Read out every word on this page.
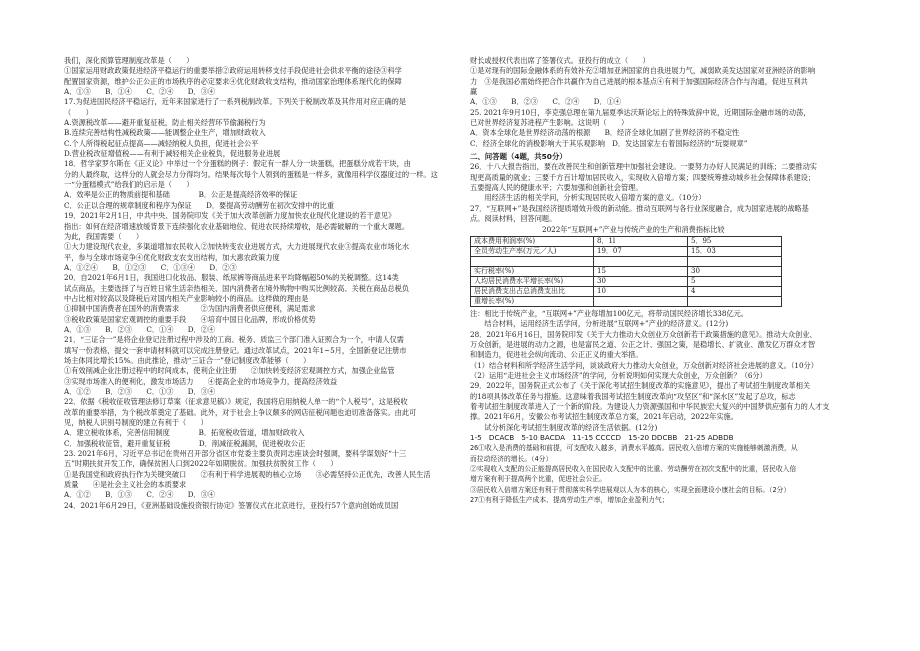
我们，深化预算管理制度改革是（　　）

①国家运用财政政策促进经济平稳运行的重要举措②政府运用转移支付手段促进社会供求平衡的途径③科学

配置国家资源，维护公正公正的市场秩序的必定要求④优化财政收支结构，推动国家治理体系现代化的保障

A．①③　　B．①④　　C．②④　　D．③④

17.为促进国民经济平稳运行，近年来国家进行了一系列税制改革。下列关于税制改革及其作用对应正确的是

（　　）

A.资源税改革——避开重复征税，防止相关经营环节偷漏税行为

B.连续完善结构性减税政策——能调整企业生产，增加财政收入

C.个人所得税起征点提高——减轻纳税人负担，促进社会公平

D.营业税改征增值税——有利于减轻相关企业税负，促进服务业进展

18．哲学家罗尔斯在《正义论》中举过一个分蛋糕的例子：假定有一群人分一块蛋糕，把蛋糕分成若干块，由

分的人最终取，这样分的人就会尽力分得均匀。结果每次每个人领到的蛋糕是一样多，就像用科学仪器度过的一样。这

一“分蛋糕模式”给我们的启示是（　　）

A．效率是公正的物质前提和基础　　　　B．公正是提高经济效率的保证

C．公正以合理的规章制度和程序为保证　　D．要提高劳动酬劳在初次安排中的比重

19．2021年2月1日，中共中央、国务院印发《关于加大改革创新力度加快农业现代化建设的若干意见》

指出：如何在经济增速放缓背景下连续强化农业基础地位、促进农民持续增收，是必需破解的一个重大课题。

为此，我国需要（　　）

①大力建设现代农业，多渠道增加农民收入②加快转变农业进展方式，大力进展现代农业③提高农业市场化水

平，参与全球市场竞争④优化财政支农支出结构，加大惠农政策力度

A．①②④　　B．①②③　　C．①③④　　D．②③

20．自2021年6月1日，我国进口化妆品、服装、纸尿裤等商品进来平均降幅超50%的关税调整。这14类

试点商品，主要选择了与百姓日常生活亲热相关、国内消费者在境外购物中购买比例较高、关税在商品总税负

中占比相对较高以及降税后对国内相关产业影响较小的商品。这样做的理由是

①抑制中国消费者在国外的消费需求　　　②为国内消费者供应便利，满足需求

③税收政策是国家宏观调控的重要手段　　④培育中国日化品牌，形成价格优势

A．①③　　B．②③　　C．①④　　D．②④

21．“三证合一”是将企业登记注册过程中涉及的工商、税务、质监三个部门准入证照合为一个，中请人仅需

填写一份表格，提交一套申请材料就可以完成注册登记。通过改革试点，2021年1~5月，全国新登记注册市

场主体同比增长15%。由此推论，推动“三证合一”登记制度改革能够（　　）

①有效削减企业注册过程中的时间成本，使利企业注册　　②加快转变经济宏观调控方式，加强企业监管

③实现市场准入的便利化，激发市场活力　　④提高企业的市场竞争力，提高经济效益

A．①②　　B．②③　　C．①③　　D．③④

22．依据《税收征收管理法修订草案（征求意见稿）》规定，我国将启用纳税人单一的“个人税号”，这是税收

改革的重要举措，为个税改革奠定了基础。此外，对于社会上争议颇多的网店征税问题也迫切准备落实。由此可

见，纳税人识别号制度的建立有利于（　　）

A．建立税收体系，完善信用制度　　　　B．拓宽税收管道，增加财政收入

C．加强税收征管，避开重复征税　　　　D．削减征税漏洞，促进税收公正

23. 2021年6月，习近平总书记在贵州召开部分省区市党委主要负责同志座谈会时强调，要科学谋划好“十三

五”时期扶贫开发工作，确保贫困人口到2022年如期脱贫。加强扶贫脱贫工作（　　）

①是我国党和政府执行作为关键突破口　　②有利于科学进展观的核心立场　　③必需坚持公正优先，改善人民生活

质量　　④是社会主义社会的本质要求

A．①②　　B．①③　　C．②④　　D．③④

24．2021年6月29日，《亚洲基础设施投资银行协定》签署仪式在北京进行，亚投行57个意向创始成员国

财长或授权代表出席了签署仪式。亚投行的成立（　　）

①是对现有的国际金融体系的有效补充②增加亚洲国家的自我进展力气，减弱欧美发达国家对亚洲经济的影响

力　③是我国必需始终把合作共赢作为自己进展的根本基点④有利于加强国际经济合作与沟通，促进互利共

赢

A．①③　　B．②③　　C．②④　　D．①④

25. 2021年9月10日，李克强总理在第九届夏季达沃斯论坛上的特殊致辞中说，近期国际金融市场的动荡，

已对世界经济复苏进程产生影响。这说明（　　）

A．资本全球化是世界经济动荡的根源　　B．经济全球化加剧了世界经济的不稳定性

C．经济全球化的消极影响大于其乐观影响　D．发达国家左右着国际经济的“玩耍规章”

二、问答题（4题，共50分）

26．十八大报告指出，要在改善民生和创新管理中加强社会建设。一要努力办好人民满足的训练；二要推动实

现更高质量的就业；三要千方百计增加居民收入，实现收入倍增方案；四要统筹推动城乡社会保障体系建设；

五要提高人民的健康水平；六要加强和创新社会管理。

　　用经济生活的相关学问，分析实现居民收入倍增方案的意义。（10分）

27．“互联网+”是我国经济提质增效升级的新动能。推动互联网与各行业深度融合，成为国家进展的战略基

点。阅读材料，回答问题。

2022年“互联网+”产业与传统产业的生产和消费指标比较

成本费用利润率(%)	8．1l	5．95
全员劳动生产率(万元／人)	19．07	15．03

实行税率(%)	15	30
人均居民消费水平增长率(%)	30	5
居民消费支出占总消费支出比	10	4
重增长率(%)		

注：相比于传统产业，“互联网+”产业每增加100亿元，将带动国民经济增长338亿元。

　　结合材料，运用经济生活学问，分析进展“互联网+”产业的经济意义。(12分)

28．2021年6月16日，国务院印发《关于大力推动大众创业万众创新若干政策措施的意见》。推动大众创业、

万众创新，是进展的动力之源，也是富民之道、公正之计、强国之策，是稳增长、扩就业、激发亿万群众才智

和制造力，促进社会纵向流动、公正正义的重大举措。

（1）结合材料和所学经济生活学问，谈谈政府大力推动大众创业，万众创新对经济社会进展的意义。（10分）

（2）运用“走进社会主义市场经济”的学问，分析说明如何实现大众创业，万众创新？（6分）

29．2022年，国务院正式公布了《关于深化考试招生制度改革的实施意见》，提出了考试招生制度改革相关

的18项具体改革任务与措施。这意味着我国考试招生制度改革向“攻坚区”和“深水区”发起了总攻，标志

着考试招生制度改革进入了一个新的阶段。为建设人力资源强国和中华民族宏大复兴的中国梦供应强有力的人才支

撑。2021年6月，安徽公布考试招生制度改革总方案，2021年启动，2022年实施。

　　试分析深化考试招生制度改革的经济生活依据。(12分)

1-5　DCACB　5-10 BACDA　11-15 CCCCD　15-20 DDCBB　21-25 ADBDB

26①收入是消费的基础和前提，可支配收入越多，消费水平越高。居民收入倍增方案的实施能够刺激消费，从

而拉动经济的增长。（4分）

②实现收入支配的公正能提高居民收入在国民收入支配中的比重、劳动酬劳在初次支配中的比重，居民收入倍

增方案有利于提高两个比重，促进社会公正。

③居民收入倍增方案还有利于贯彻落实科学进展观以人为本的核心，实现全面建设小康社会的目标。（2分）

27①有利于降低生产成本、提高劳动生产率，增加企业盈利力气；
